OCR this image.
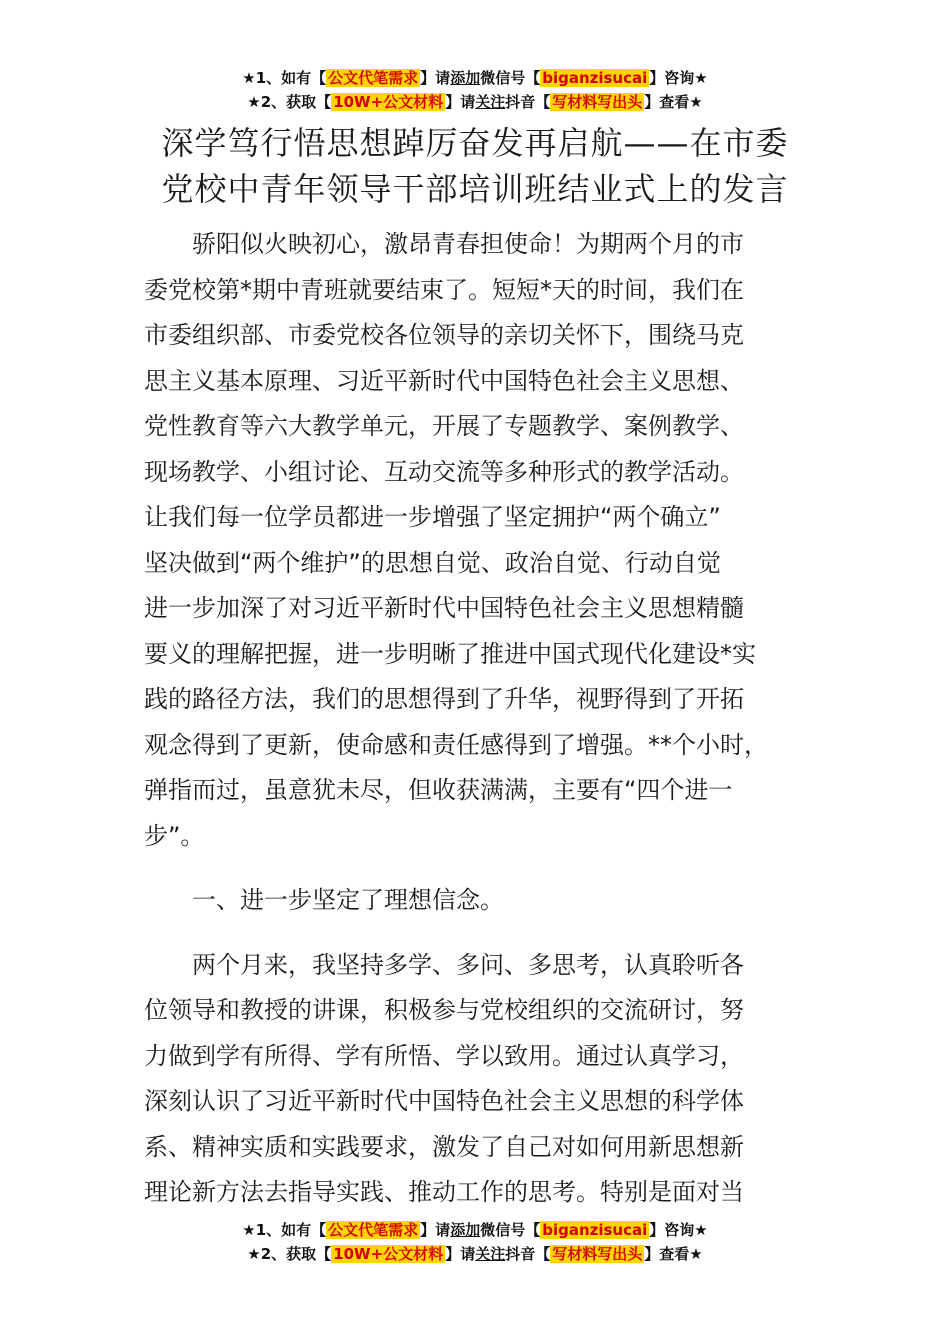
★1、如有【 公文代笔需求 】请添加微信号【 biganzisucai 】咨询★
★2、获取【 10W+公文材料 】请关注抖音【 写材料写出头 】查看★
深学笃行悟思想踔厉奋发再启航——在市委
党校中青年领导干部培训班结业式上的发言
骄阳似火映初心，激昂青春担使命！为期两个月的市
委党校第*期中青班就要结束了。短短*天的时间，我们在
市委组织部、市委党校各位领导的亲切关怀下，围绕马克
思主义基本原理、习近平新时代中国特色社会主义思想、
党性教育等六大教学单元，开展了专题教学、案例教学、
现场教学、小组讨论、互动交流等多种形式的教学活动。
让我们每一位学员都进一步增强了坚定拥护“两个确立”
坚决做到“两个维护”的思想自觉、政治自觉、行动自觉
进一步加深了对习近平新时代中国特色社会主义思想精髓
要义的理解把握，进一步明晰了推进中国式现代化建设*实
践的路径方法，我们的思想得到了升华，视野得到了开拓
观念得到了更新，使命感和责任感得到了增强。**个小时，
弹指而过，虽意犹未尽，但收获满满，主要有“四个进一
步”。
一、进一步坚定了理想信念。
两个月来，我坚持多学、多问、多思考，认真聆听各
位领导和教授的讲课，积极参与党校组织的交流研讨，努
力做到学有所得、学有所悟、学以致用。通过认真学习，
深刻认识了习近平新时代中国特色社会主义思想的科学体
系、精神实质和实践要求，激发了自己对如何用新思想新
理论新方法去指导实践、推动工作的思考。特别是面对当
★1、如有【 公文代笔需求 】请添加微信号【 biganzisucai 】咨询★
★2、获取【 10W+公文材料 】请关注抖音【 写材料写出头 】查看★
